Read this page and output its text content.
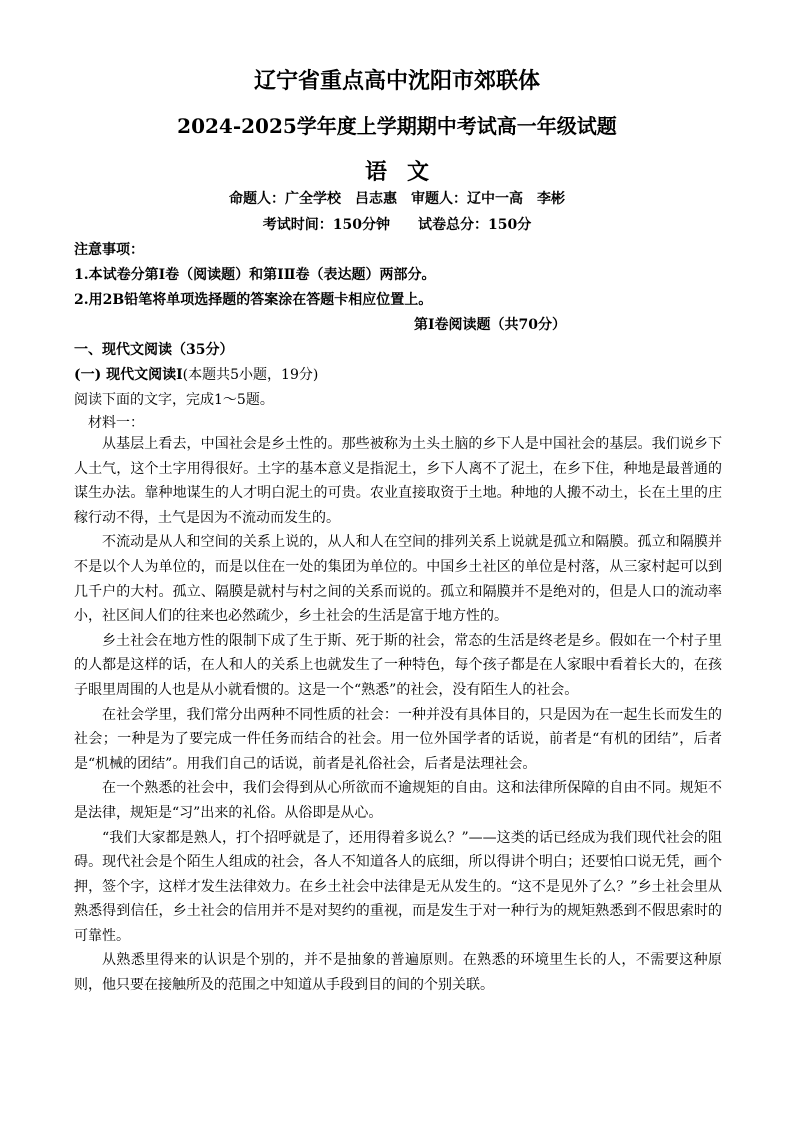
辽宁省重点高中沈阳市郊联体
2024-2025学年度上学期期中考试高一年级试题
语文
命题人：广全学校　吕志惠　审题人：辽中一高　李彬
考试时间：150分钟 试卷总分：150分
注意事项：
1.本试卷分第Ⅰ卷（阅读题）和第ⅠⅡ卷（表达题）两部分。
2.用2B铅笔将单项选择题的答案涂在答题卡相应位置上。
第Ⅰ卷阅读题（共70分）
一、现代文阅读（35分）
(一) 现代文阅读Ⅰ(本题共5小题，19分)
阅读下面的文字，完成1～5题。
材料一：

从基层上看去，中国社会是乡土性的。那些被称为土头土脑的乡下人是中国社会的基层。我们说乡下人土气，这个土字用得很好。土字的基本意义是指泥土，乡下人离不了泥土，在乡下住，种地是最普通的谋生办法。靠种地谋生的人才明白泥土的可贵。农业直接取资于土地。种地的人搬不动土，长在土里的庄稼行动不得，土气是因为不流动而发生的。

不流动是从人和空间的关系上说的，从人和人在空间的排列关系上说就是孤立和隔膜。孤立和隔膜并不是以个人为单位的，而是以住在一处的集团为单位的。中国乡土社区的单位是村落，从三家村起可以到几千户的大村。孤立、隔膜是就村与村之间的关系而说的。孤立和隔膜并不是绝对的，但是人口的流动率小，社区间人们的往来也必然疏少，乡土社会的生活是富于地方性的。

乡土社会在地方性的限制下成了生于斯、死于斯的社会，常态的生活是终老是乡。假如在一个村子里的人都是这样的话，在人和人的关系上也就发生了一种特色，每个孩子都是在人家眼中看着长大的，在孩子眼里周围的人也是从小就看惯的。这是一个“熟悉”的社会，没有陌生人的社会。

在社会学里，我们常分出两种不同性质的社会：一种并没有具体目的，只是因为在一起生长而发生的社会；一种是为了要完成一件任务而结合的社会。用一位外国学者的话说，前者是“有机的团结”，后者是“机械的团结”。用我们自己的话说，前者是礼俗社会，后者是法理社会。

在一个熟悉的社会中，我们会得到从心所欲而不逾规矩的自由。这和法律所保障的自由不同。规矩不是法律，规矩是“习”出来的礼俗。从俗即是从心。

“我们大家都是熟人，打个招呼就是了，还用得着多说么？”——这类的话已经成为我们现代社会的阻碍。现代社会是个陌生人组成的社会，各人不知道各人的底细，所以得讲个明白；还要怕口说无凭，画个押，签个字，这样才发生法律效力。在乡土社会中法律是无从发生的。“这不是见外了么？”乡土社会里从熟悉得到信任，乡土社会的信用并不是对契约的重视，而是发生于对一种行为的规矩熟悉到不假思索时的可靠性。

从熟悉里得来的认识是个别的，并不是抽象的普遍原则。在熟悉的环境里生长的人，不需要这种原则，他只要在接触所及的范围之中知道从手段到目的间的个别关联。
